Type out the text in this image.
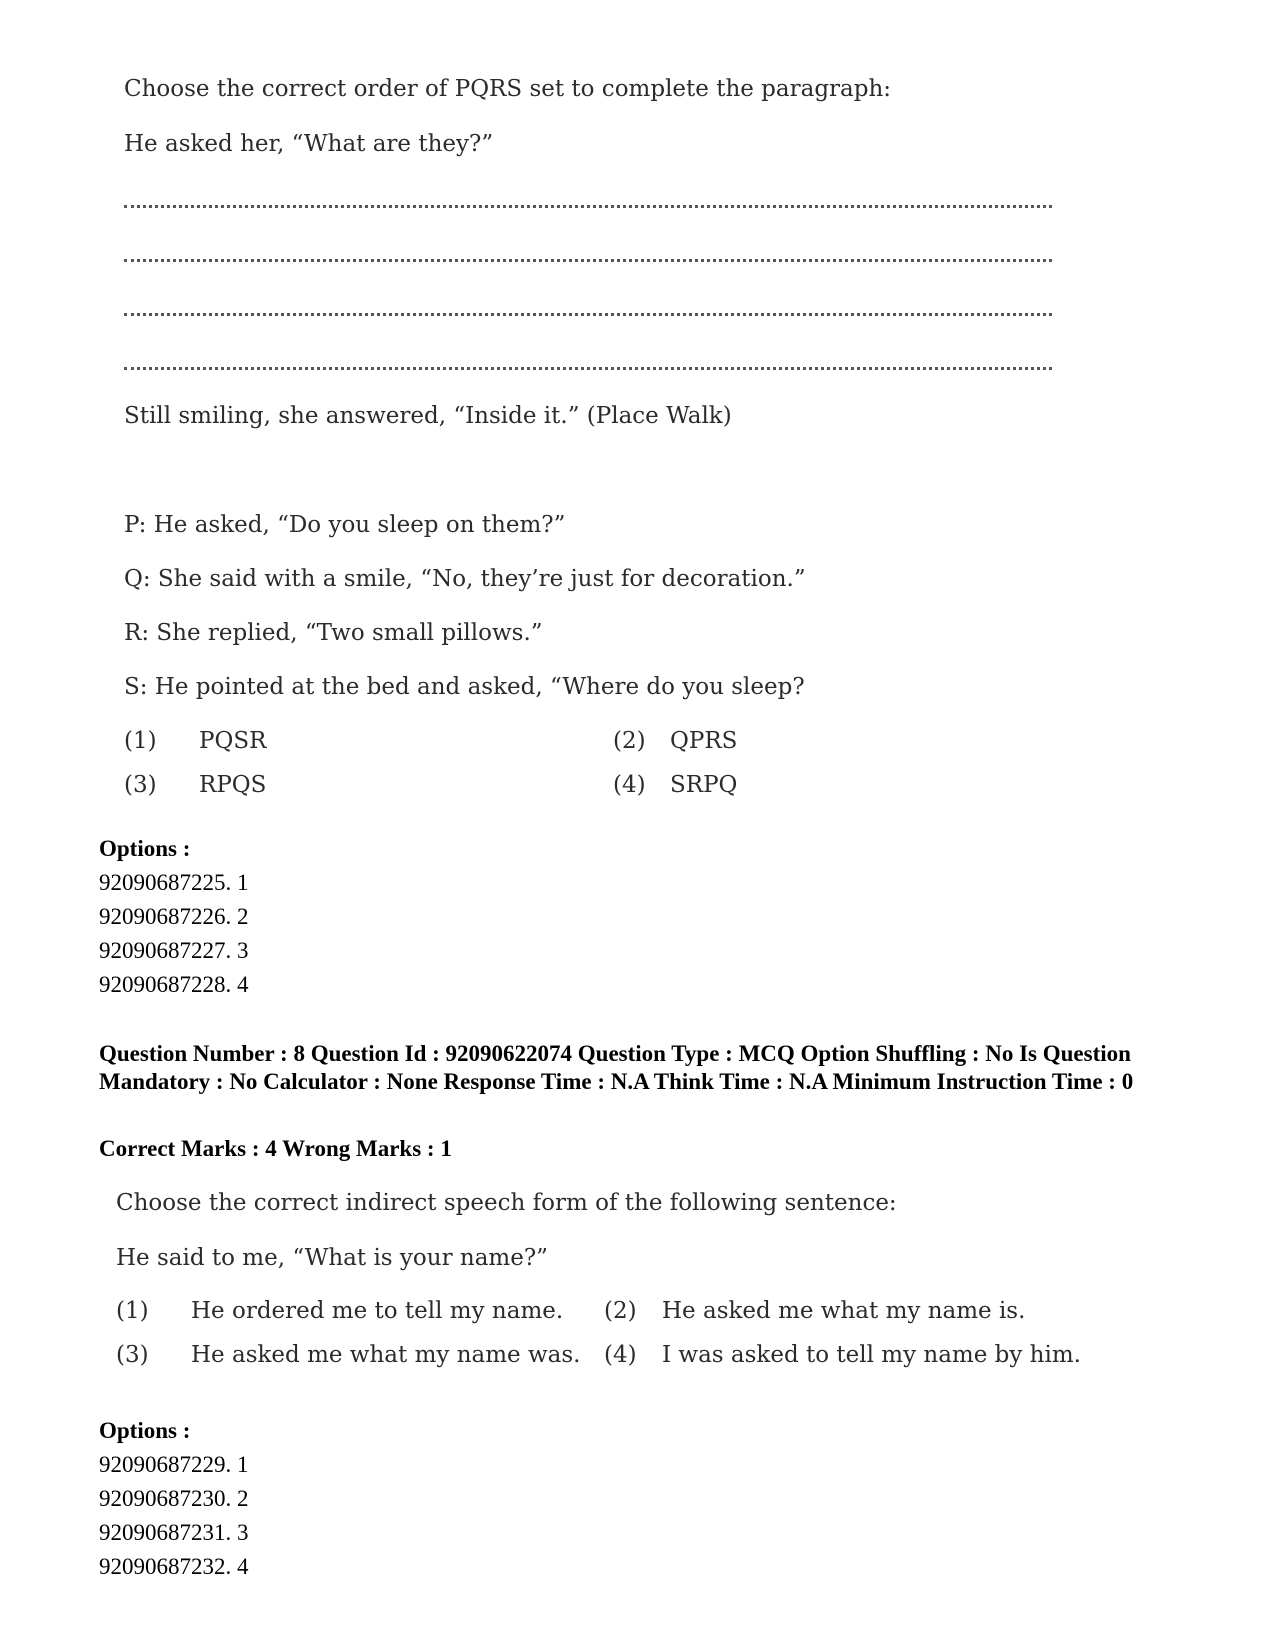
Choose the correct order of PQRS set to complete the paragraph:
He asked her, “What are they?”
Still smiling, she answered, “Inside it.” (Place Walk)
P: He asked, “Do you sleep on them?”
Q: She said with a smile, “No, they’re just for decoration.”
R: She replied, “Two small pillows.”
S: He pointed at the bed and asked, “Where do you sleep?
(1) PQSR	(2) QPRS
(3) RPQS	(4) SRPQ
Options :
92090687225. 1
92090687226. 2
92090687227. 3
92090687228. 4
Question Number : 8 Question Id : 92090622074 Question Type : MCQ Option Shuffling : No Is Question Mandatory : No Calculator : None Response Time : N.A Think Time : N.A Minimum Instruction Time : 0
Correct Marks : 4 Wrong Marks : 1
Choose the correct indirect speech form of the following sentence:
He said to me, “What is your name?”
(1) He ordered me to tell my name. (2) He asked me what my name is.
(3) He asked me what my name was. (4) I was asked to tell my name by him.
Options :
92090687229. 1
92090687230. 2
92090687231. 3
92090687232. 4
